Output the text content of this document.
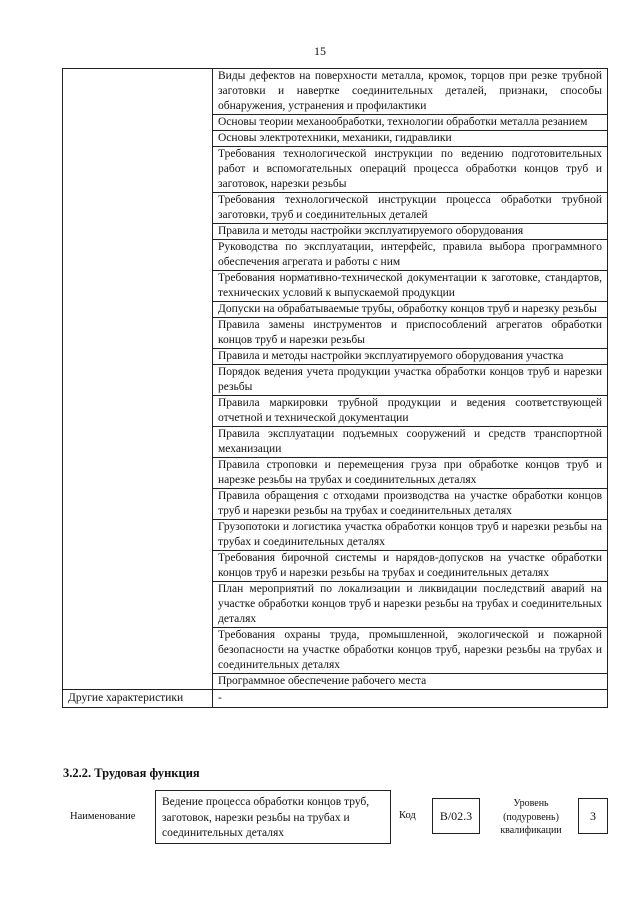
15
	Виды дефектов на поверхности металла, кромок, торцов при резке трубной заготовки и навертке соединительных деталей, признаки, способы обнаружения, устранения и профилактики
	Основы теории механообработки, технологии обработки металла резанием
	Основы электротехники, механики, гидравлики
	Требования технологической инструкции по ведению подготовительных работ и вспомогательных операций процесса обработки концов труб и заготовок, нарезки резьбы
	Требования технологической инструкции процесса обработки трубной заготовки, труб и соединительных деталей
	Правила и методы настройки эксплуатируемого оборудования
	Руководства по эксплуатации, интерфейс, правила выбора программного обеспечения агрегата и работы с ним
	Требования нормативно-технической документации к заготовке, стандартов, технических условий к выпускаемой продукции
	Допуски на обрабатываемые трубы, обработку концов труб и нарезку резьбы
	Правила замены инструментов и приспособлений агрегатов обработки концов труб и нарезки резьбы
	Правила и методы настройки эксплуатируемого оборудования участка
	Порядок ведения учета продукции участка обработки концов труб и нарезки резьбы
	Правила маркировки трубной продукции и ведения соответствующей отчетной и технической документации
	Правила эксплуатации подъемных сооружений и средств транспортной механизации
	Правила строповки и перемещения груза при обработке концов труб и нарезке резьбы на трубах и соединительных деталях
	Правила обращения с отходами производства на участке обработки концов труб и нарезки резьбы на трубах и соединительных деталях
	Грузопотоки и логистика участка обработки концов труб и нарезки резьбы на трубах и соединительных деталях
	Требования бирочной системы и нарядов-допусков на участке обработки концов труб и нарезки резьбы на трубах и соединительных деталях
	План мероприятий по локализации и ликвидации последствий аварий на участке обработки концов труб и нарезки резьбы на трубах и соединительных деталях
	Требования охраны труда, промышленной, экологической и пожарной безопасности на участке обработки концов труб, нарезки резьбы на трубах и соединительных деталях
	Программное обеспечение рабочего места
Другие характеристики	-
3.2.2. Трудовая функция
Наименование
Ведение процесса обработки концов труб, заготовок, нарезки резьбы на трубах и соединительных деталях
Код	В/02.3
Уровень (подуровень) квалификации
3
